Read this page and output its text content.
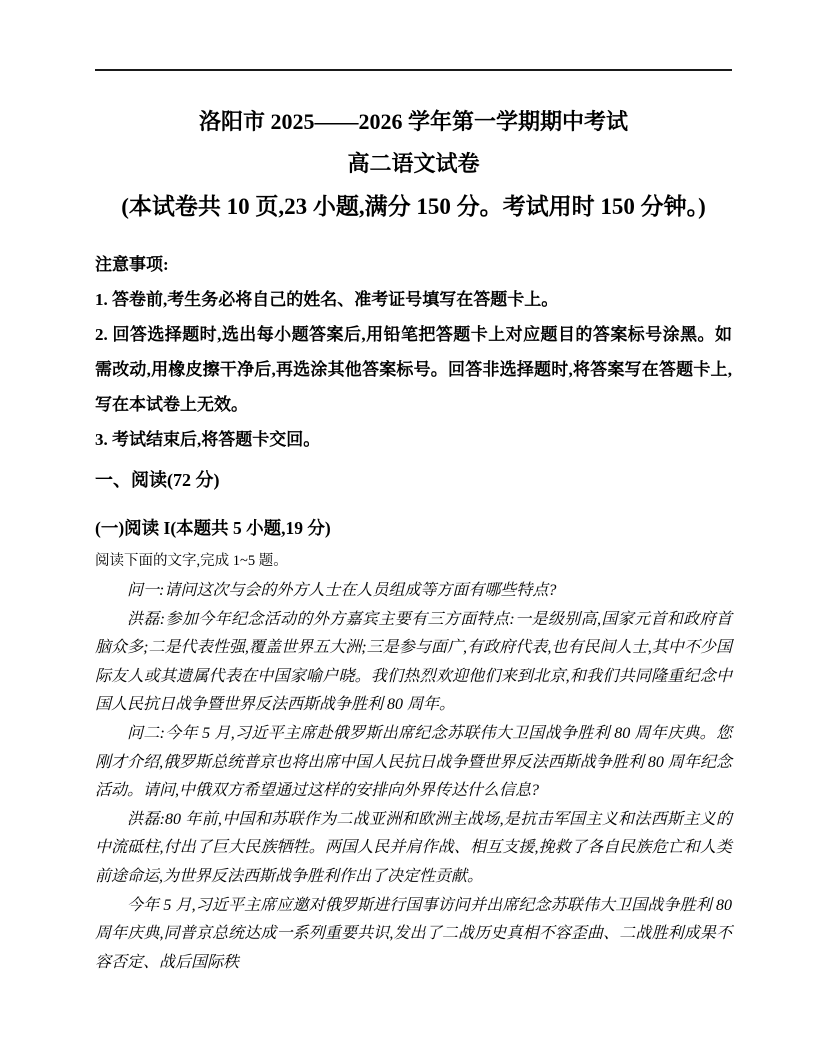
洛阳市 2025——2026 学年第一学期期中考试
高二语文试卷
(本试卷共 10 页,23 小题,满分 150 分。考试用时 150 分钟。)

注意事项:

1. 答卷前,考生务必将自己的姓名、准考证号填写在答题卡上。

2. 回答选择题时,选出每小题答案后,用铅笔把答题卡上对应题目的答案标号涂黑。如需改动,用橡皮擦干净后,再选涂其他答案标号。回答非选择题时,将答案写在答题卡上,写在本试卷上无效。

3. 考试结束后,将答题卡交回。

一、阅读(72 分)

(一)阅读 I(本题共 5 小题,19 分)

阅读下面的文字,完成 1~5 题。

问一:请问这次与会的外方人士在人员组成等方面有哪些特点?

洪磊:参加今年纪念活动的外方嘉宾主要有三方面特点:一是级别高,国家元首和政府首脑众多;二是代表性强,覆盖世界五大洲;三是参与面广,有政府代表,也有民间人士,其中不少国际友人或其遗属代表在中国家喻户晓。我们热烈欢迎他们来到北京,和我们共同隆重纪念中国人民抗日战争暨世界反法西斯战争胜利 80 周年。

问二:今年 5 月,习近平主席赴俄罗斯出席纪念苏联伟大卫国战争胜利 80 周年庆典。您刚才介绍,俄罗斯总统普京也将出席中国人民抗日战争暨世界反法西斯战争胜利 80 周年纪念活动。请问,中俄双方希望通过这样的安排向外界传达什么信息?

洪磊:80 年前,中国和苏联作为二战亚洲和欧洲主战场,是抗击军国主义和法西斯主义的中流砥柱,付出了巨大民族牺牲。两国人民并肩作战、相互支援,挽救了各自民族危亡和人类前途命运,为世界反法西斯战争胜利作出了决定性贡献。

今年 5 月,习近平主席应邀对俄罗斯进行国事访问并出席纪念苏联伟大卫国战争胜利 80 周年庆典,同普京总统达成一系列重要共识,发出了二战历史真相不容歪曲、二战胜利成果不容否定、战后国际秩
